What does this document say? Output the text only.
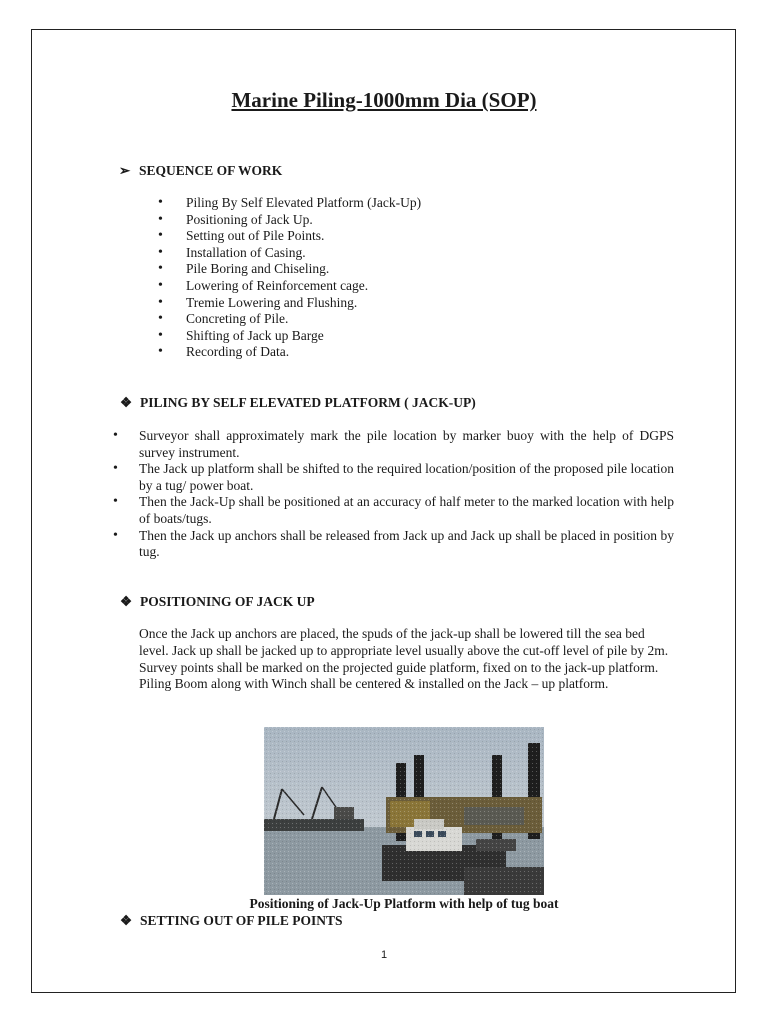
Marine Piling-1000mm Dia (SOP)
➢ SEQUENCE OF WORK
• Piling By Self Elevated Platform (Jack-Up)
• Positioning of Jack Up.
• Setting out of Pile Points.
• Installation of Casing.
• Pile Boring and Chiseling.
• Lowering of Reinforcement cage.
• Tremie Lowering and Flushing.
• Concreting of Pile.
• Shifting of Jack up Barge
• Recording of Data.
❖ PILING BY SELF ELEVATED PLATFORM ( JACK-UP)
• Surveyor shall approximately mark the pile location by marker buoy with the help of DGPS survey instrument.
• The Jack up platform shall be shifted to the required location/position of the proposed pile location by a tug/ power boat.
• Then the Jack-Up shall be positioned at an accuracy of half meter to the marked location with help of boats/tugs.
• Then the Jack up anchors shall be released from Jack up and Jack up shall be placed in position by tug.
❖ POSITIONING OF JACK UP

Once the Jack up anchors are placed, the spuds of the jack-up shall be lowered till the sea bed level. Jack up shall be jacked up to appropriate level usually above the cut-off level of pile by 2m. Survey points shall be marked on the projected guide platform, fixed on to the jack-up platform. Piling Boom along with Winch shall be centered & installed on the Jack – up platform.

Positioning of Jack-Up Platform with help of tug boat

❖ SETTING OUT OF PILE POINTS
1
